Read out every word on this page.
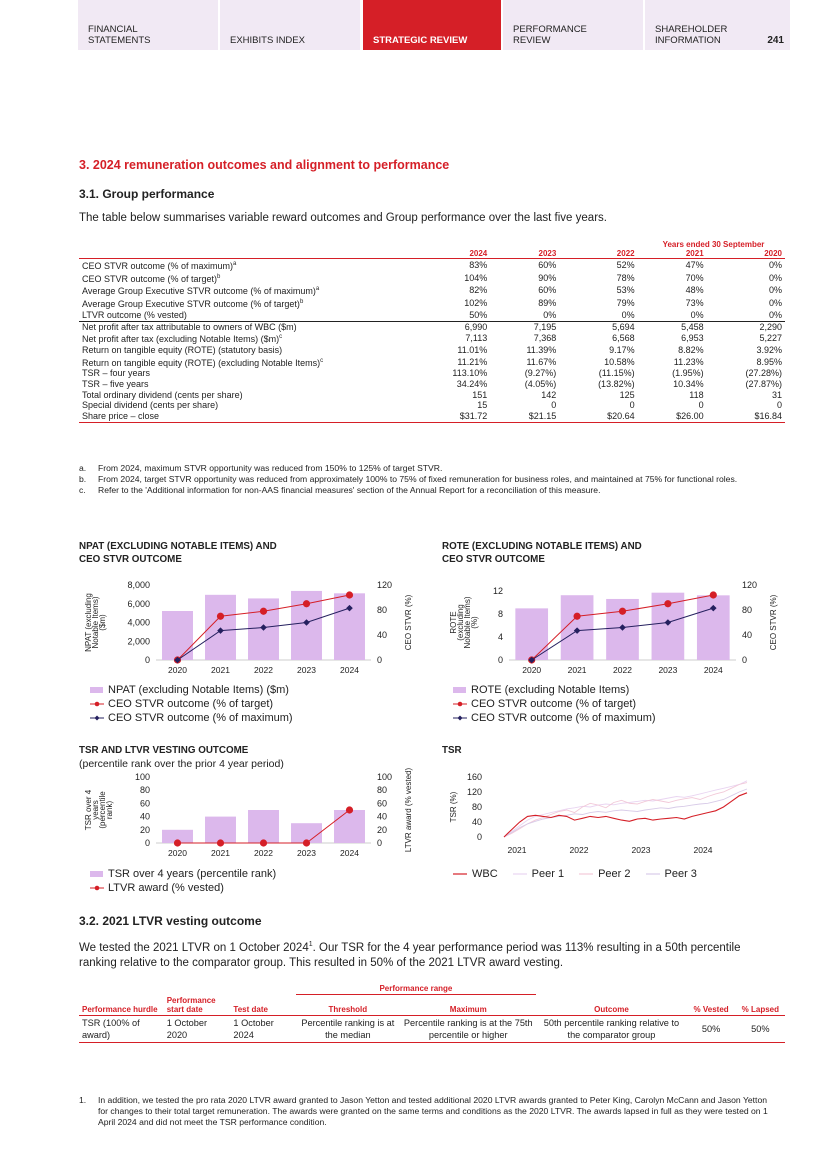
FINANCIAL
STATEMENTS	EXHIBITS INDEX	STRATEGIC REVIEW
PERFORMANCE
REVIEW
SHAREHOLDER
INFORMATION	241
3. 2024 remuneration outcomes and alignment to performance
3.1. Group performance
The table below summarises variable reward outcomes and Group performance over the last five years.
	Years ended 30 September				
	2024	2023	2022	2021	2020
CEO STVR outcome (% of maximum)$^a$	83%	60%	52%	47%	0%
CEO STVR outcome (% of target)$^b$	104%	90%	78%	70%	0%
Average Group Executive STVR outcome (% of maximum)$^a$	82%	60%	53%	48%	0%
Average Group Executive STVR outcome (% of target)$^b$	102%	89%	79%	73%	0%
LTVR outcome (% vested)	50%	0%	0%	0%	0%
Net profit after tax attributable to owners of WBC ($m)	6,990	7,195	5,694	5,458	2,290
Net profit after tax (excluding Notable Items) ($m)$^c$	7,113	7,368	6,568	6,953	5,227
Return on tangible equity (ROTE) (statutory basis)	11.01%	11.39%	9.17%	8.82%	3.92%
Return on tangible equity (ROTE) (excluding Notable Items)$^c$	11.21%	11.67%	10.58%	11.23%	8.95%
TSR – four years	113.10%	(9.27%)	(11.15%)	(1.95%)	(27.28%)
TSR – five years	34.24%	(4.05%)	(13.82%)	10.34%	(27.87%)
Total ordinary dividend (cents per share)	151	142	125	118	31
Special dividend (cents per share)	15	0	0	0	0
Share price – close	$31.72	$21.15	$20.64	$26.00	$16.84
a.	From 2024, maximum STVR opportunity was reduced from 150% to 125% of target STVR.
b.	From 2024, target STVR opportunity was reduced from approximately 100% to 75% of fixed remuneration for business roles, and maintained at 75% for functional roles.
c.	Refer to the 'Additional information for non-AAS financial measures' section of the Annual Report for a reconciliation of this measure.
NPAT (EXCLUDING NOTABLE ITEMS) AND
CEO STVR OUTCOME
NPAT (excluding
Notable Items)
($m)	CEO STVR (%)
0
2,000
4,000
6,000
8,000
0
40
80
120
2020	2021	2022	2023	2024
NPAT (excluding Notable Items) ($m)
CEO STVR outcome (% of target)
CEO STVR outcome (% of maximum)
ROTE (EXCLUDING NOTABLE ITEMS) AND
CEO STVR OUTCOME
ROTE
(excluding
Notable Items)
(%)	CEO STVR (%)
0
4
8
12
0
40
80
120
2020	2021	2022	2023	2024
ROTE (excluding Notable Items)
CEO STVR outcome (% of target)
CEO STVR outcome (% of maximum)
TSR AND LTVR VESTING OUTCOME
(percentile rank over the prior 4 year period)
TSR over 4
years
(percentile
rank)	LTVR award (% vested)
0
20
40
60
80
100
0
20
40
60
80
100
2020	2021	2022	2023	2024
TSR over 4 years (percentile rank)
LTVR award (% vested)
TSR
TSR (%)
0
40
80
120
160
2021	2022	2023	2024
WBC	Peer 1	Peer 2	Peer 3
3.2. 2021 LTVR vesting outcome
We tested the 2021 LTVR on 1 October 2024$^1$. Our TSR for the 4 year performance period was 113% resulting in a 50th percentile ranking relative to the comparator group. This resulted in 50% of the 2021 LTVR award vesting.
			Performance range				
Performance hurdle	Performance start date	Test date	Threshold	Maximum	Outcome	% Vested	% Lapsed
TSR (100% of award)	1 October 2020	1 October 2024	Percentile ranking is at the median	Percentile ranking is at the 75th percentile or higher	50th percentile ranking relative to the comparator group	50%	50%
1.	In addition, we tested the pro rata 2020 LTVR award granted to Jason Yetton and tested additional 2020 LTVR awards granted to Peter King, Carolyn McCann and Jason Yetton for changes to their total target remuneration. The awards were granted on the same terms and conditions as the 2020 LTVR. The awards lapsed in full as they were tested on 1 April 2024 and did not meet the TSR performance condition.
